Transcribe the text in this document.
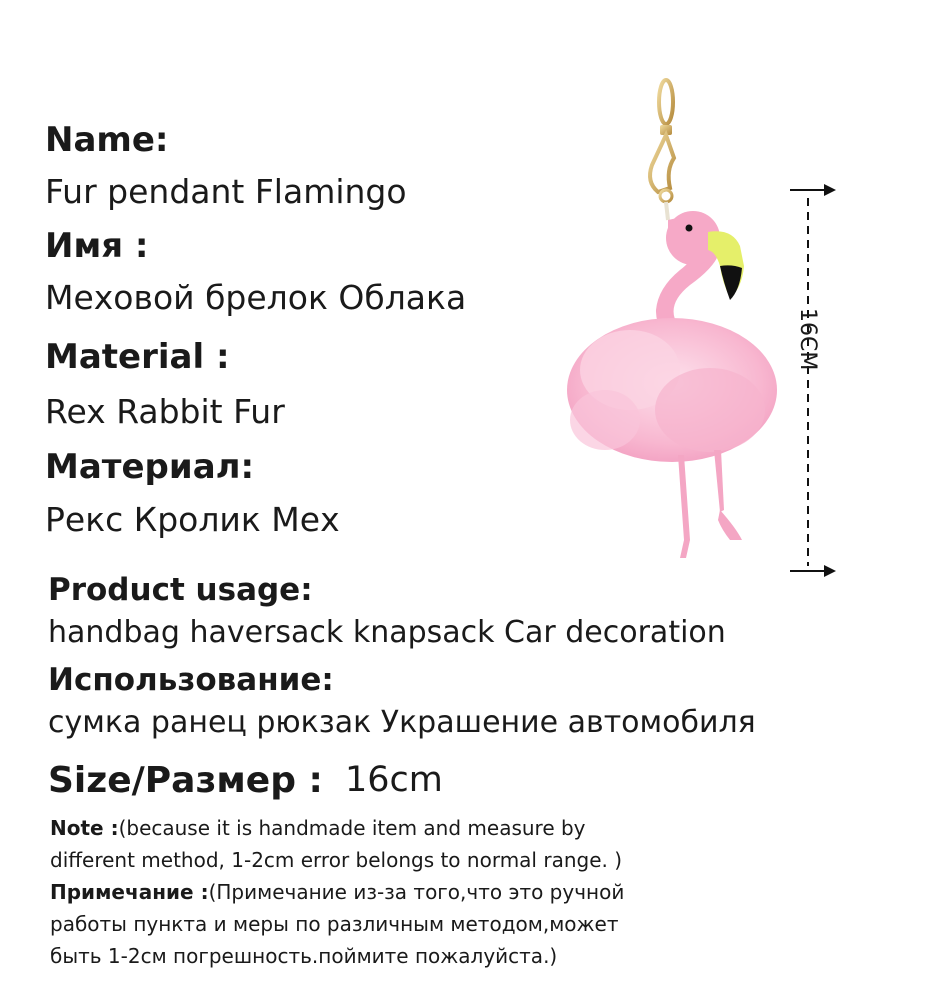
Name:

Fur pendant Flamingo

Имя :

Меховой брелок Облака

Material :

Rex Rabbit Fur

Материал:

Рекс Кролик Мех

Product usage:

handbag haversack knapsack Car decoration

Использование:

сумка ранец рюкзак Украшение автомобиля

Size/Размер : 16cm

Note :(because it is handmade item and measure by
different method, 1-2cm error belongs to normal range. )
Примечание :(Примечание из-за того,что это ручной
работы пункта и меры по различным методом,может
быть 1-2см погрешность.поймите пожалуйста.)
16CM
